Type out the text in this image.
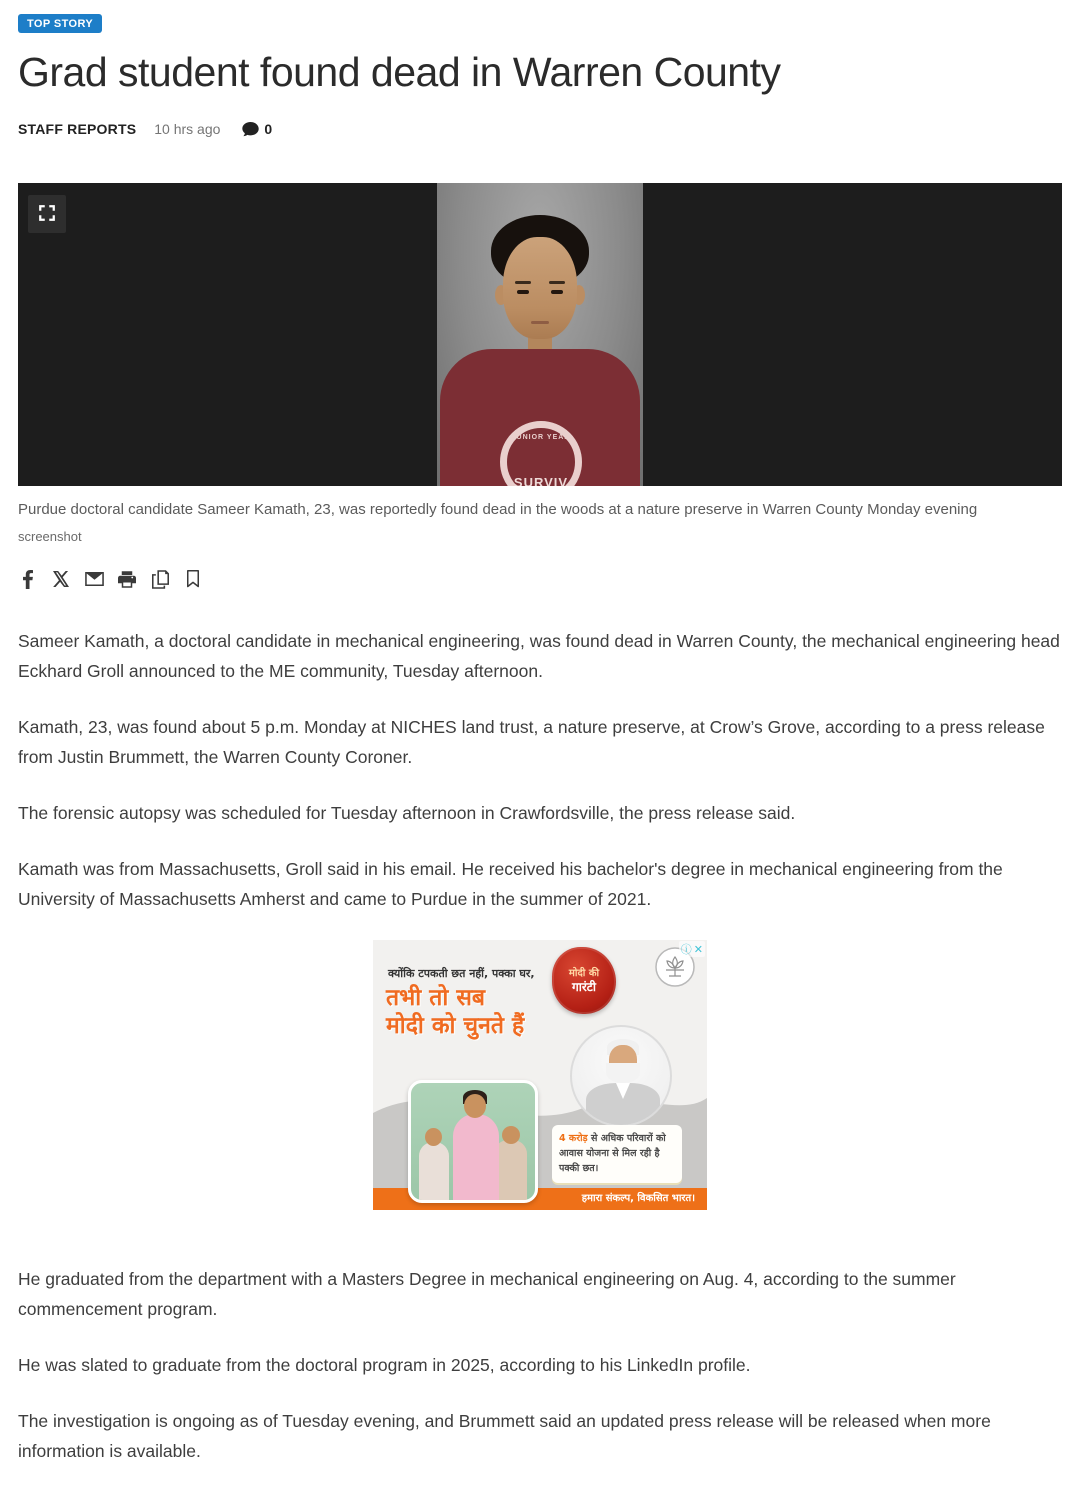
TOP STORY
Grad student found dead in Warren County
STAFF REPORTS 10 hrs ago	0
JUNIOR YEAR
SURVIV
Purdue doctoral candidate Sameer Kamath, 23, was reportedly found dead in the woods at a nature preserve in Warren County Monday evening
screenshot

Sameer Kamath, a doctoral candidate in mechanical engineering, was found dead in Warren County, the mechanical engineering head Eckhard Groll announced to the ME community, Tuesday afternoon.

Kamath, 23, was found about 5 p.m. Monday at NICHES land trust, a nature preserve, at Crow’s Grove, according to a press release from Justin Brummett, the Warren County Coroner.

The forensic autopsy was scheduled for Tuesday afternoon in Crawfordsville, the press release said.

Kamath was from Massachusetts, Groll said in his email. He received his bachelor's degree in mechanical engineering from the University of Massachusetts Amherst and came to Purdue in the summer of 2021.

क्योंकि टपकती छत नहीं, पक्का घर,
तभी तो सब
मोदी को चुनते हैं
मोदी की
गारंटी
ⓘ ✕
4 करोड़ से अधिक परिवारों को आवास योजना से मिल रही है पक्की छत।
हमारा संकल्प, विकसित भारत।

He graduated from the department with a Masters Degree in mechanical engineering on Aug. 4, according to the summer commencement program.

He was slated to graduate from the doctoral program in 2025, according to his LinkedIn profile.

The investigation is ongoing as of Tuesday evening, and Brummett said an updated press release will be released when more information is available.
